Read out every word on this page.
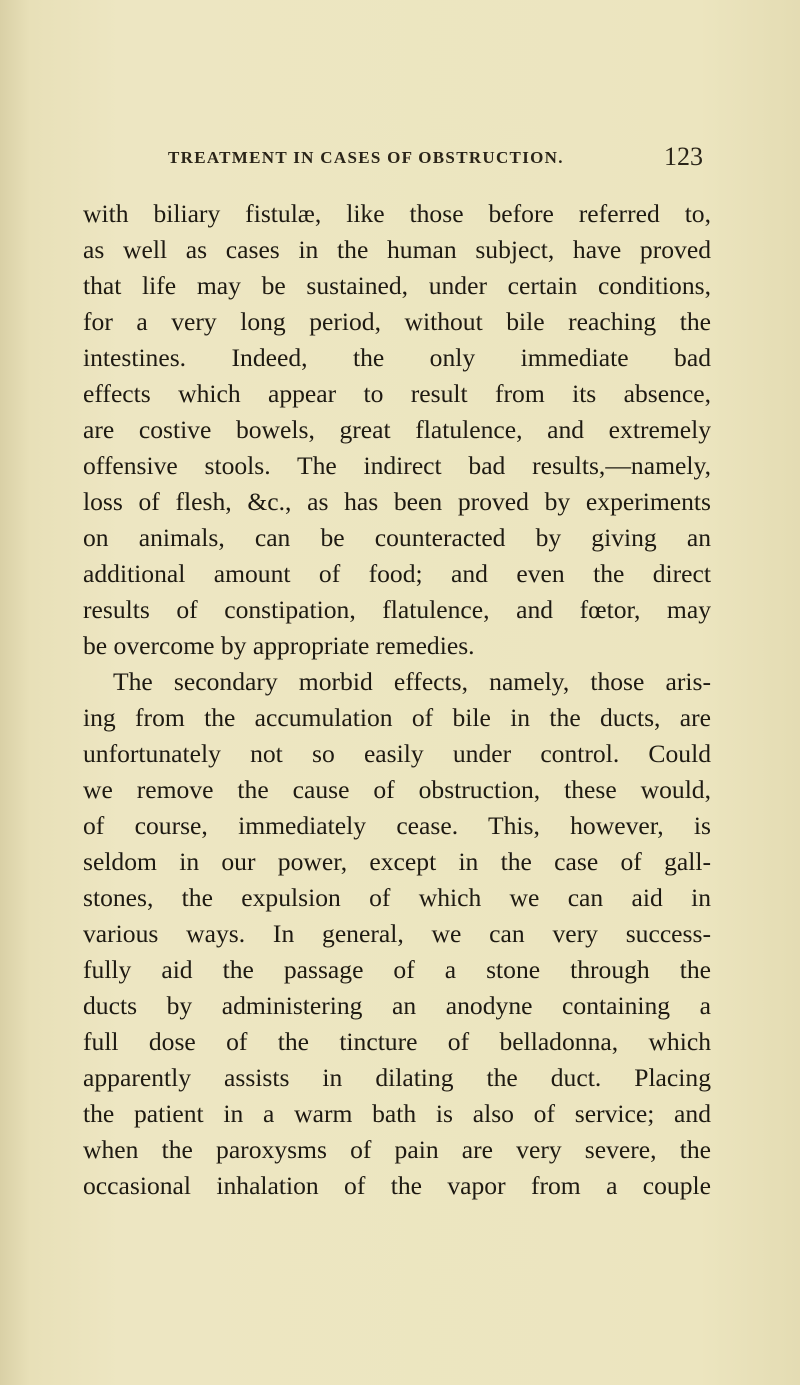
TREATMENT IN CASES OF OBSTRUCTION.	123
with biliary fistulæ, like those before referred to,
as well as cases in the human subject, have proved
that life may be sustained, under certain conditions,
for a very long period, without bile reaching the
intestines. Indeed, the only immediate bad
effects which appear to result from its absence,
are costive bowels, great flatulence, and extremely
offensive stools. The indirect bad results,—namely,
loss of flesh, &c., as has been proved by experiments
on animals, can be counteracted by giving an
additional amount of food; and even the direct
results of constipation, flatulence, and fœtor, may
be overcome by appropriate remedies.
The secondary morbid effects, namely, those aris-
ing from the accumulation of bile in the ducts, are
unfortunately not so easily under control. Could
we remove the cause of obstruction, these would,
of course, immediately cease. This, however, is
seldom in our power, except in the case of gall-
stones, the expulsion of which we can aid in
various ways. In general, we can very success-
fully aid the passage of a stone through the
ducts by administering an anodyne containing a
full dose of the tincture of belladonna, which
apparently assists in dilating the duct. Placing
the patient in a warm bath is also of service; and
when the paroxysms of pain are very severe, the
occasional inhalation of the vapor from a couple
